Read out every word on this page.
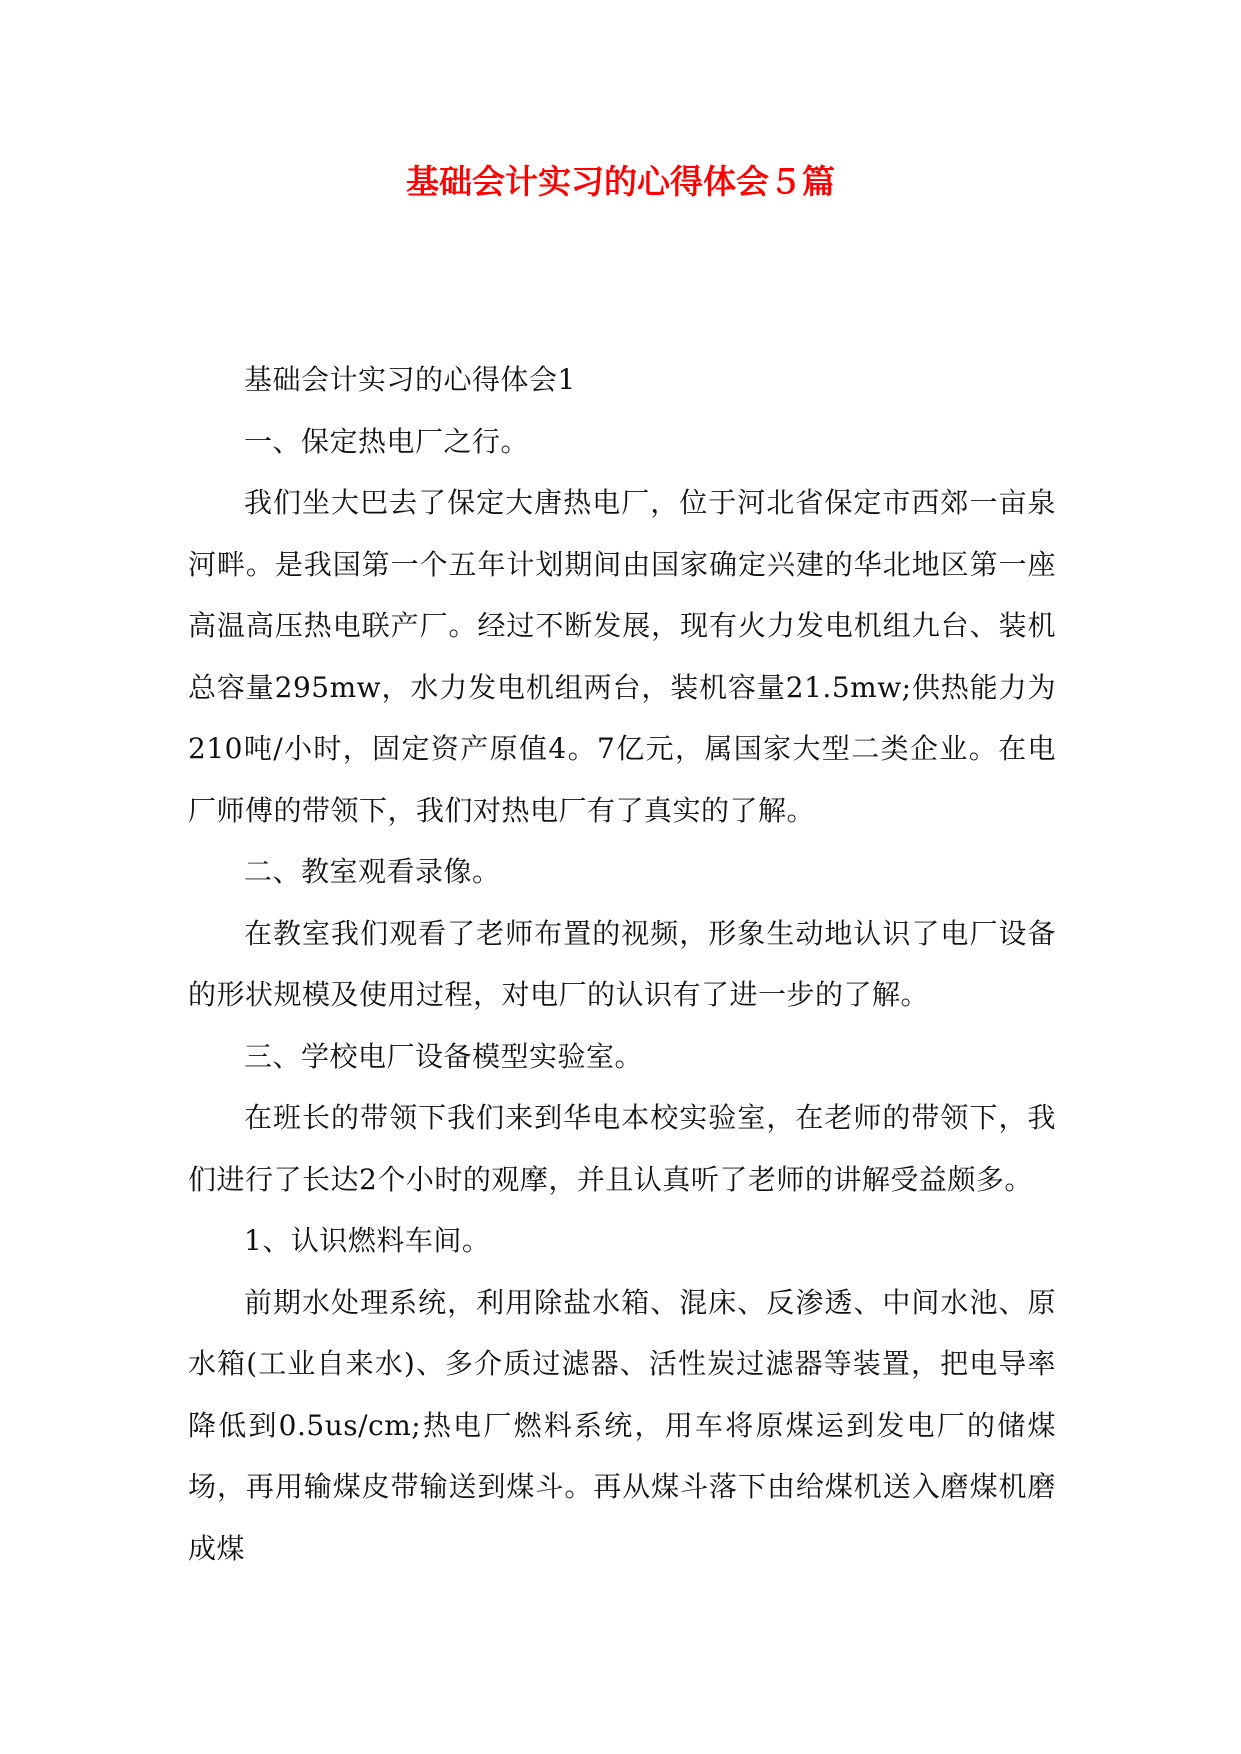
基础会计实习的心得体会５篇

基础会计实习的心得体会1

一、保定热电厂之行。

我们坐大巴去了保定大唐热电厂，位于河北省保定市西郊一亩泉河畔。是我国第一个五年计划期间由国家确定兴建的华北地区第一座高温高压热电联产厂。经过不断发展，现有火力发电机组九台、装机总容量295mw，水力发电机组两台，装机容量21.5mw;供热能力为210吨/小时，固定资产原值4。7亿元，属国家大型二类企业。在电厂师傅的带领下，我们对热电厂有了真实的了解。

二、教室观看录像。

在教室我们观看了老师布置的视频，形象生动地认识了电厂设备的形状规模及使用过程，对电厂的认识有了进一步的了解。

三、学校电厂设备模型实验室。

在班长的带领下我们来到华电本校实验室，在老师的带领下，我们进行了长达2个小时的观摩，并且认真听了老师的讲解受益颇多。

1、认识燃料车间。

前期水处理系统，利用除盐水箱、混床、反渗透、中间水池、原水箱(工业自来水)、多介质过滤器、活性炭过滤器等装置，把电导率降低到0.5us/cm;热电厂燃料系统，用车将原煤运到发电厂的储煤场，再用输煤皮带输送到煤斗。再从煤斗落下由给煤机送入磨煤机磨成煤
